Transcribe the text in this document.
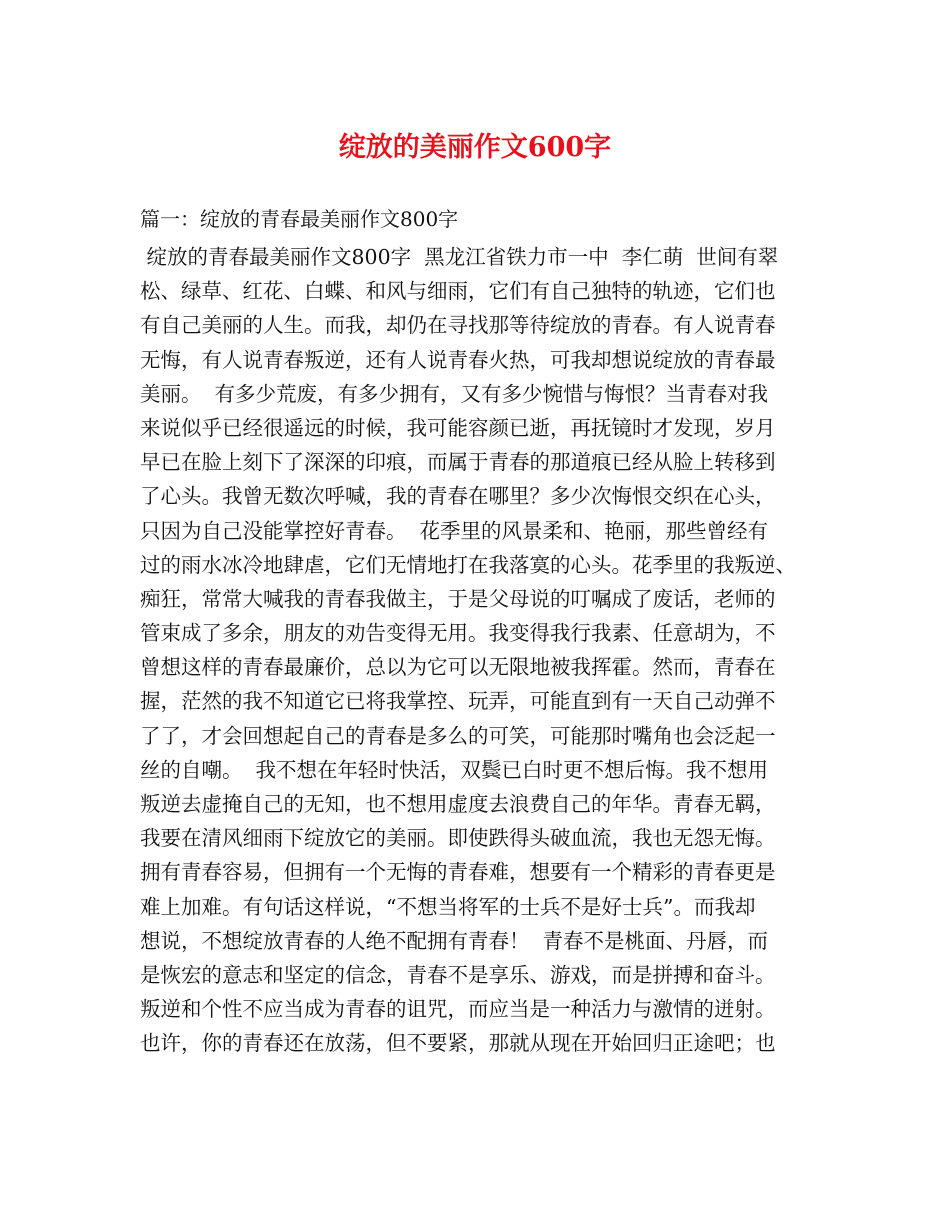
绽放的美丽作文600字

篇一：绽放的青春最美丽作文800字

绽放的青春最美丽作文800字  黑龙江省铁力市一中  李仁萌  世间有翠
松、绿草、红花、白蝶、和风与细雨，它们有自己独特的轨迹，它们也
有自己美丽的人生。而我，却仍在寻找那等待绽放的青春。有人说青春
无悔，有人说青春叛逆，还有人说青春火热，可我却想说绽放的青春最
美丽。  有多少荒废，有多少拥有，又有多少惋惜与悔恨？当青春对我
来说似乎已经很遥远的时候，我可能容颜已逝，再抚镜时才发现，岁月
早已在脸上刻下了深深的印痕，而属于青春的那道痕已经从脸上转移到
了心头。我曾无数次呼喊，我的青春在哪里？多少次悔恨交织在心头，
只因为自己没能掌控好青春。  花季里的风景柔和、艳丽，那些曾经有
过的雨水冰冷地肆虐，它们无情地打在我落寞的心头。花季里的我叛逆、
痴狂，常常大喊我的青春我做主，于是父母说的叮嘱成了废话，老师的
管束成了多余，朋友的劝告变得无用。我变得我行我素、任意胡为，不
曾想这样的青春最廉价，总以为它可以无限地被我挥霍。然而，青春在
握，茫然的我不知道它已将我掌控、玩弄，可能直到有一天自己动弹不
了了，才会回想起自己的青春是多么的可笑，可能那时嘴角也会泛起一
丝的自嘲。  我不想在年轻时快活，双鬓已白时更不想后悔。我不想用
叛逆去虚掩自己的无知，也不想用虚度去浪费自己的年华。青春无羁，
我要在清风细雨下绽放它的美丽。即使跌得头破血流，我也无怨无悔。
拥有青春容易，但拥有一个无悔的青春难，想要有一个精彩的青春更是
难上加难。有句话这样说，“不想当将军的士兵不是好士兵”。而我却
想说，不想绽放青春的人绝不配拥有青春！  青春不是桃面、丹唇，而
是恢宏的意志和坚定的信念，青春不是享乐、游戏，而是拼搏和奋斗。
叛逆和个性不应当成为青春的诅咒，而应当是一种活力与激情的迸射。
也许，你的青春还在放荡，但不要紧，那就从现在开始回归正途吧；也
